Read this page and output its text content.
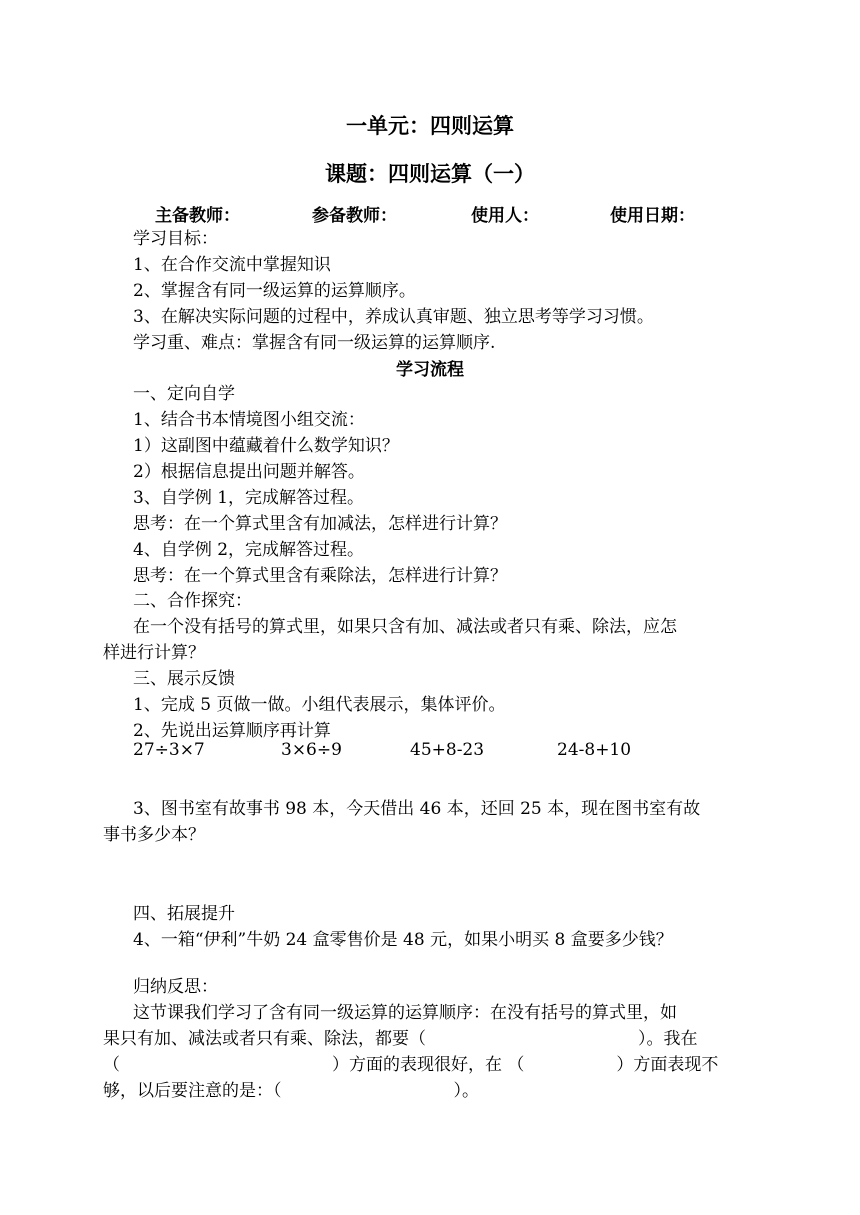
一单元：四则运算
课题：四则运算（一）
主备教师：	参备教师：	使用人：	使用日期：
学习目标：
1、在合作交流中掌握知识
2、掌握含有同一级运算的运算顺序。
3、在解决实际问题的过程中，养成认真审题、独立思考等学习习惯。
学习重、难点：掌握含有同一级运算的运算顺序.
学习流程
一、定向自学
1、结合书本情境图小组交流：
1）这副图中蕴藏着什么数学知识？
2）根据信息提出问题并解答。
3、自学例 1，完成解答过程。
思考：在一个算式里含有加减法，怎样进行计算？
4、自学例 2，完成解答过程。
思考：在一个算式里含有乘除法，怎样进行计算？
二、合作探究：
在一个没有括号的算式里，如果只含有加、减法或者只有乘、除法，应怎
样进行计算？
三、展示反馈
1、完成 5 页做一做。小组代表展示，集体评价。
2、先说出运算顺序再计算
27÷3×7	3×6÷9	45+8-23	24-8+10
3、图书室有故事书 98 本，今天借出 46 本，还回 25 本，现在图书室有故
事书多少本？
四、拓展提升
4、一箱“伊利”牛奶 24 盒零售价是 48 元，如果小明买 8 盒要多少钱？
归纳反思：
这节课我们学习了含有同一级运算的运算顺序：在没有括号的算式里，如
果只有加、减法或者只有乘、除法，都要（	）。我在
（	）方面的表现很好，在 （	）方面表现不
够，以后要注意的是：（	）。
